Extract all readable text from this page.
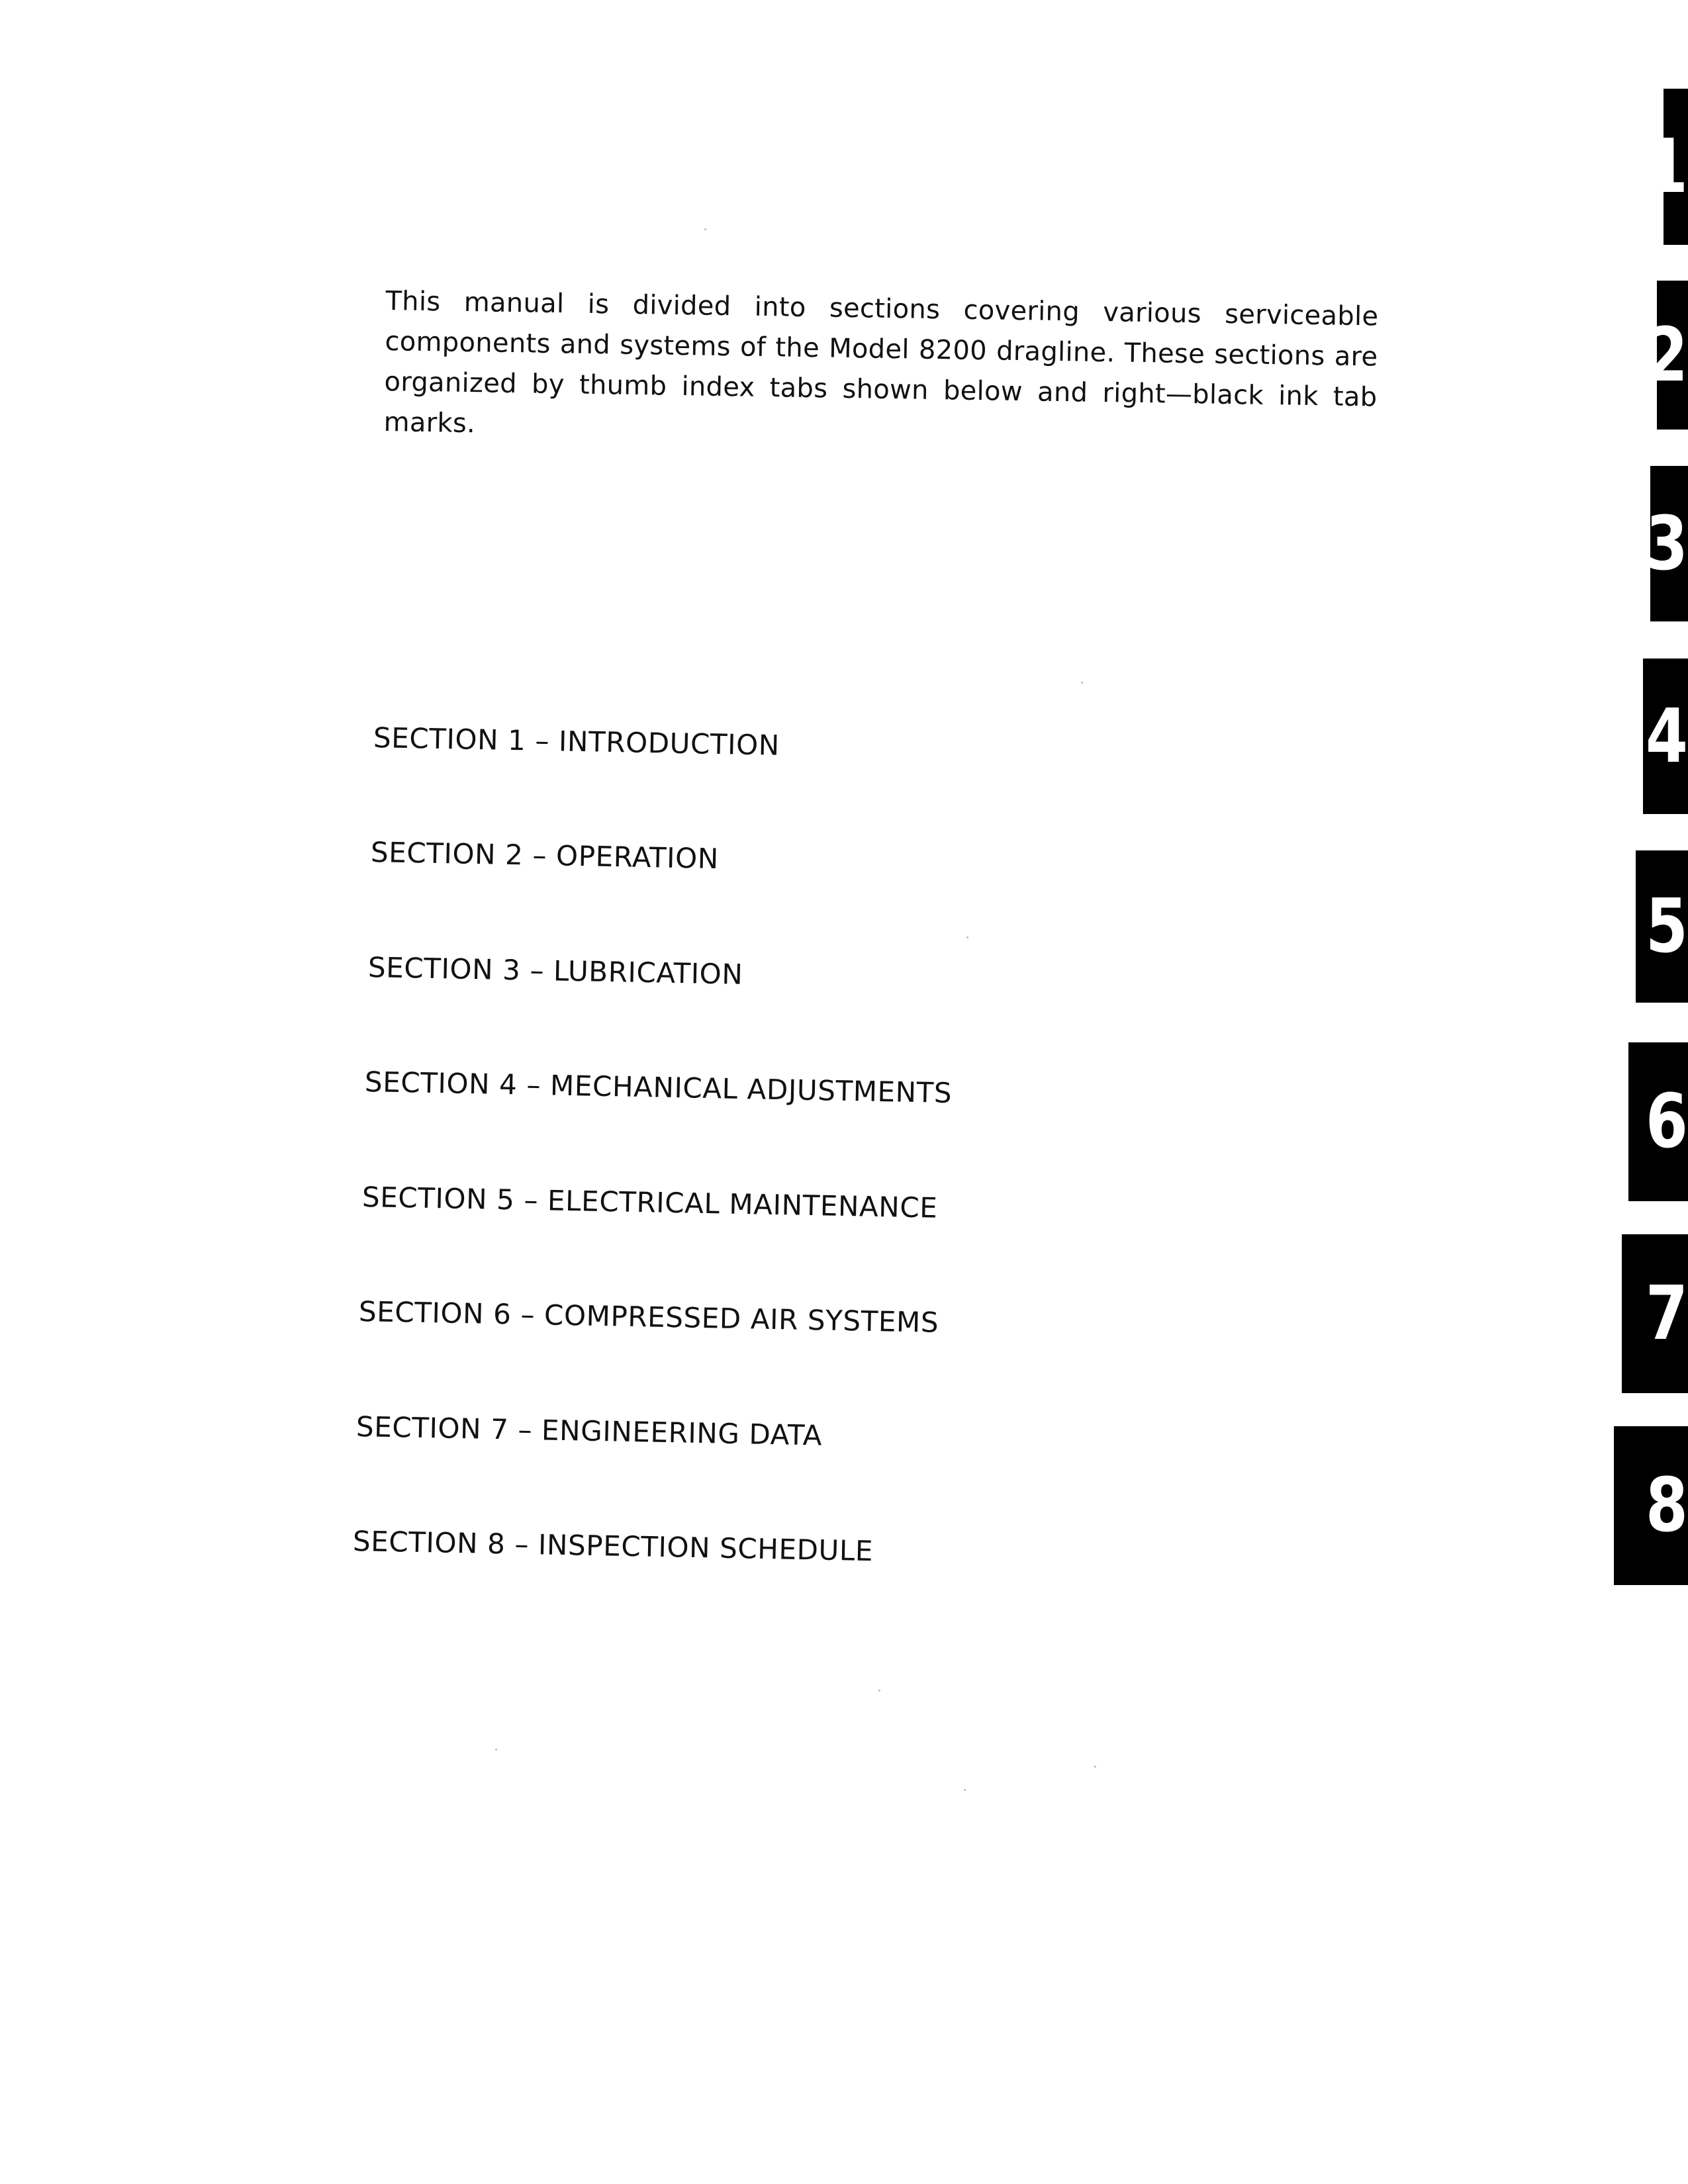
This manual is divided into sections covering various serviceable components and systems of the Model 8200 dragline. These sections are organized by thumb index tabs shown below and right—black ink tab marks.

SECTION 1 – INTRODUCTION
SECTION 2 – OPERATION
SECTION 3 – LUBRICATION
SECTION 4 – MECHANICAL ADJUSTMENTS
SECTION 5 – ELECTRICAL MAINTENANCE
SECTION 6 – COMPRESSED AIR SYSTEMS
SECTION 7 – ENGINEERING DATA
SECTION 8 – INSPECTION SCHEDULE
1
2
3
4
5
6
7
8
